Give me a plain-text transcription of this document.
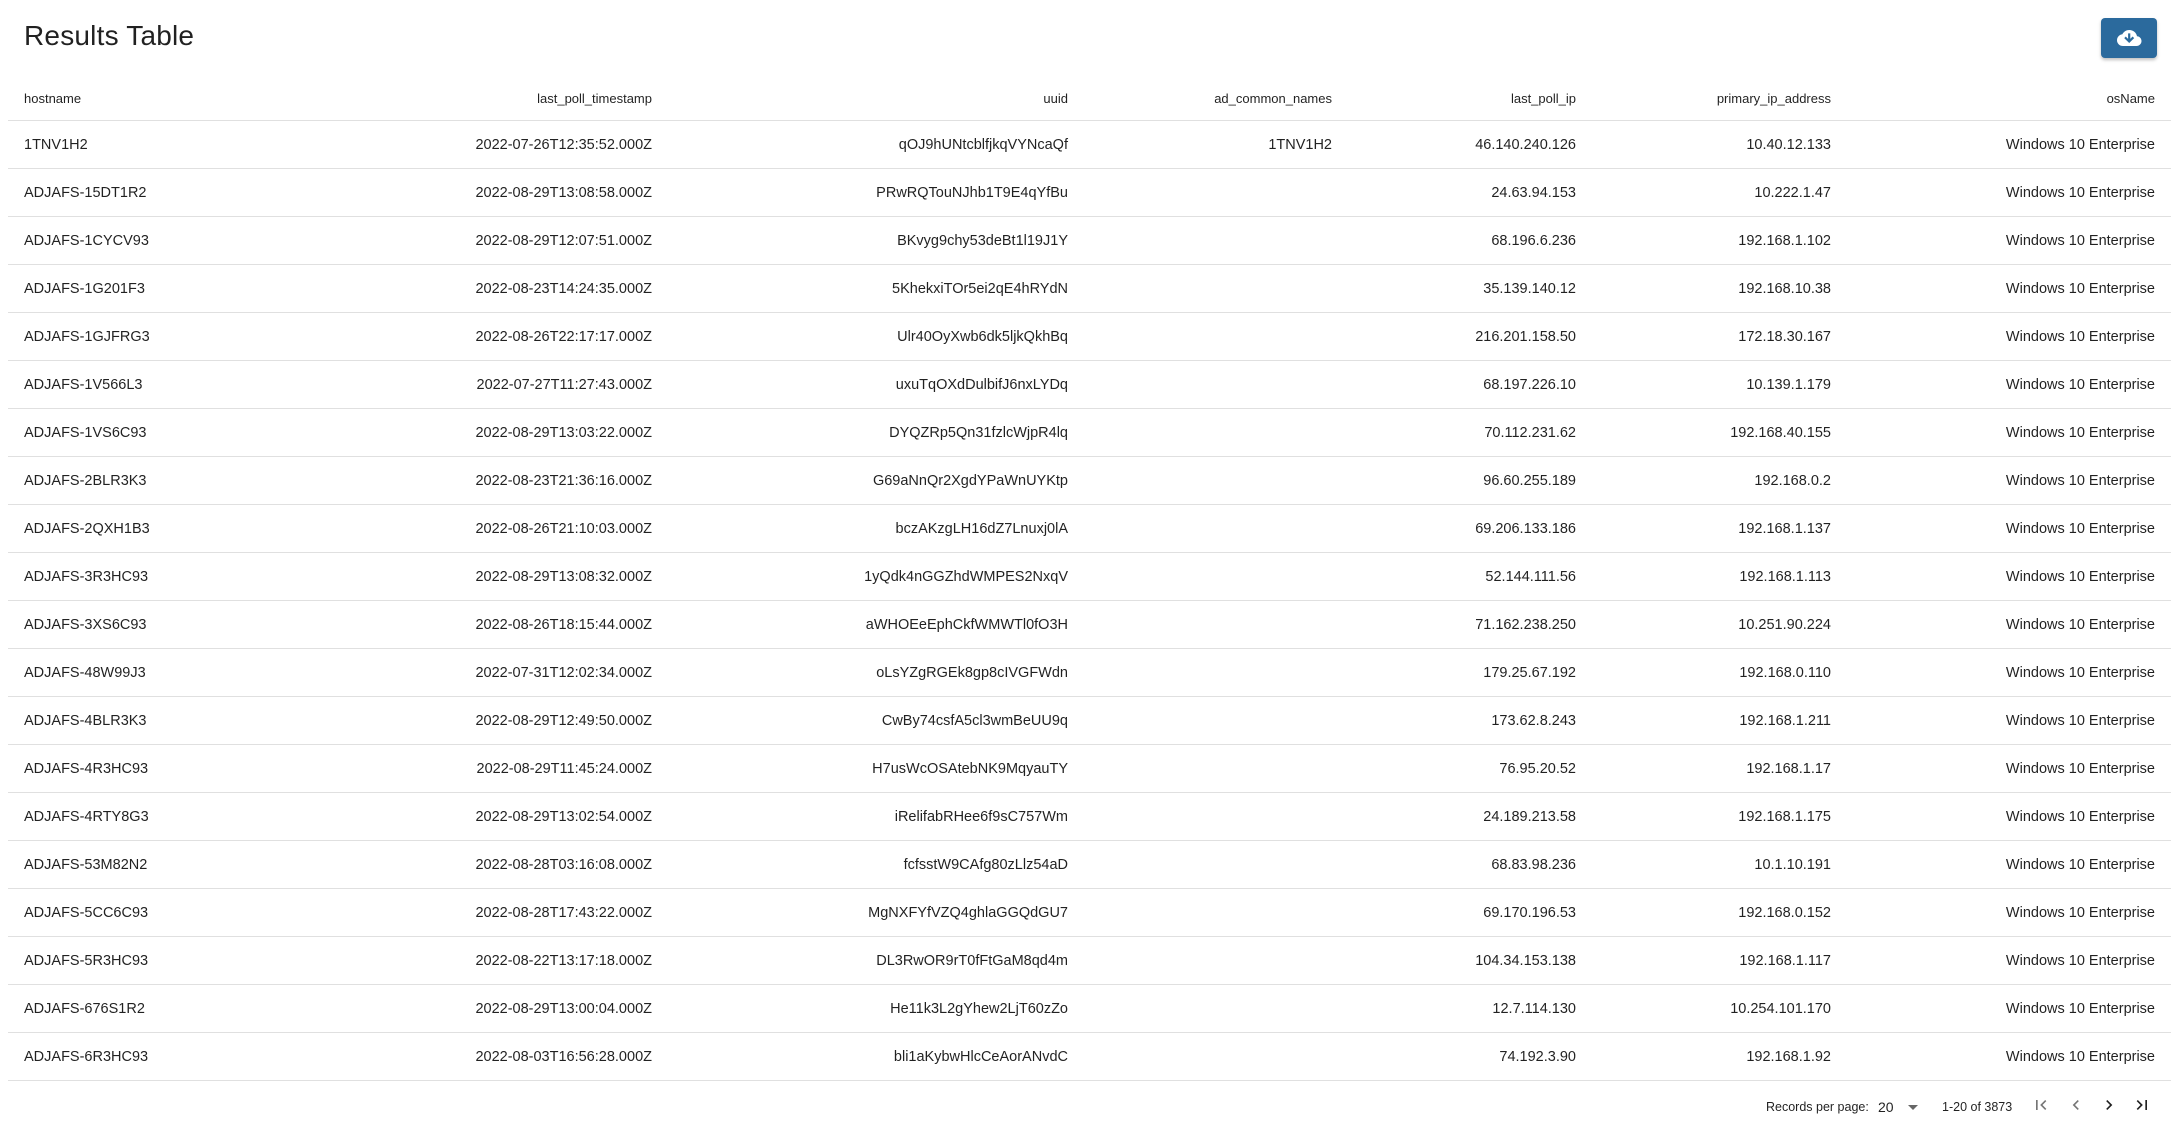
Results Table
hostname	last_poll_timestamp	uuid	ad_common_names	last_poll_ip	primary_ip_address	osName
1TNV1H2	2022-07-26T12:35:52.000Z	qOJ9hUNtcblfjkqVYNcaQf	1TNV1H2	46.140.240.126	10.40.12.133	Windows 10 Enterprise
ADJAFS-15DT1R2	2022-08-29T13:08:58.000Z	PRwRQTouNJhb1T9E4qYfBu		24.63.94.153	10.222.1.47	Windows 10 Enterprise
ADJAFS-1CYCV93	2022-08-29T12:07:51.000Z	BKvyg9chy53deBt1l19J1Y		68.196.6.236	192.168.1.102	Windows 10 Enterprise
ADJAFS-1G201F3	2022-08-23T14:24:35.000Z	5KhekxiTOr5ei2qE4hRYdN		35.139.140.12	192.168.10.38	Windows 10 Enterprise
ADJAFS-1GJFRG3	2022-08-26T22:17:17.000Z	Ulr40OyXwb6dk5ljkQkhBq		216.201.158.50	172.18.30.167	Windows 10 Enterprise
ADJAFS-1V566L3	2022-07-27T11:27:43.000Z	uxuTqOXdDulbifJ6nxLYDq		68.197.226.10	10.139.1.179	Windows 10 Enterprise
ADJAFS-1VS6C93	2022-08-29T13:03:22.000Z	DYQZRp5Qn31fzlcWjpR4lq		70.112.231.62	192.168.40.155	Windows 10 Enterprise
ADJAFS-2BLR3K3	2022-08-23T21:36:16.000Z	G69aNnQr2XgdYPaWnUYKtp		96.60.255.189	192.168.0.2	Windows 10 Enterprise
ADJAFS-2QXH1B3	2022-08-26T21:10:03.000Z	bczAKzgLH16dZ7Lnuxj0lA		69.206.133.186	192.168.1.137	Windows 10 Enterprise
ADJAFS-3R3HC93	2022-08-29T13:08:32.000Z	1yQdk4nGGZhdWMPES2NxqV		52.144.111.56	192.168.1.113	Windows 10 Enterprise
ADJAFS-3XS6C93	2022-08-26T18:15:44.000Z	aWHOEeEphCkfWMWTl0fO3H		71.162.238.250	10.251.90.224	Windows 10 Enterprise
ADJAFS-48W99J3	2022-07-31T12:02:34.000Z	oLsYZgRGEk8gp8cIVGFWdn		179.25.67.192	192.168.0.110	Windows 10 Enterprise
ADJAFS-4BLR3K3	2022-08-29T12:49:50.000Z	CwBy74csfA5cl3wmBeUU9q		173.62.8.243	192.168.1.211	Windows 10 Enterprise
ADJAFS-4R3HC93	2022-08-29T11:45:24.000Z	H7usWcOSAtebNK9MqyauTY		76.95.20.52	192.168.1.17	Windows 10 Enterprise
ADJAFS-4RTY8G3	2022-08-29T13:02:54.000Z	iRelifabRHee6f9sC757Wm		24.189.213.58	192.168.1.175	Windows 10 Enterprise
ADJAFS-53M82N2	2022-08-28T03:16:08.000Z	fcfsstW9CAfg80zLlz54aD		68.83.98.236	10.1.10.191	Windows 10 Enterprise
ADJAFS-5CC6C93	2022-08-28T17:43:22.000Z	MgNXFYfVZQ4ghlaGGQdGU7		69.170.196.53	192.168.0.152	Windows 10 Enterprise
ADJAFS-5R3HC93	2022-08-22T13:17:18.000Z	DL3RwOR9rT0fFtGaM8qd4m		104.34.153.138	192.168.1.117	Windows 10 Enterprise
ADJAFS-676S1R2	2022-08-29T13:00:04.000Z	He11k3L2gYhew2LjT60zZo		12.7.114.130	10.254.101.170	Windows 10 Enterprise
ADJAFS-6R3HC93	2022-08-03T16:56:28.000Z	bli1aKybwHlcCeAorANvdC		74.192.3.90	192.168.1.92	Windows 10 Enterprise
Records per page: 20	1-20 of 3873
